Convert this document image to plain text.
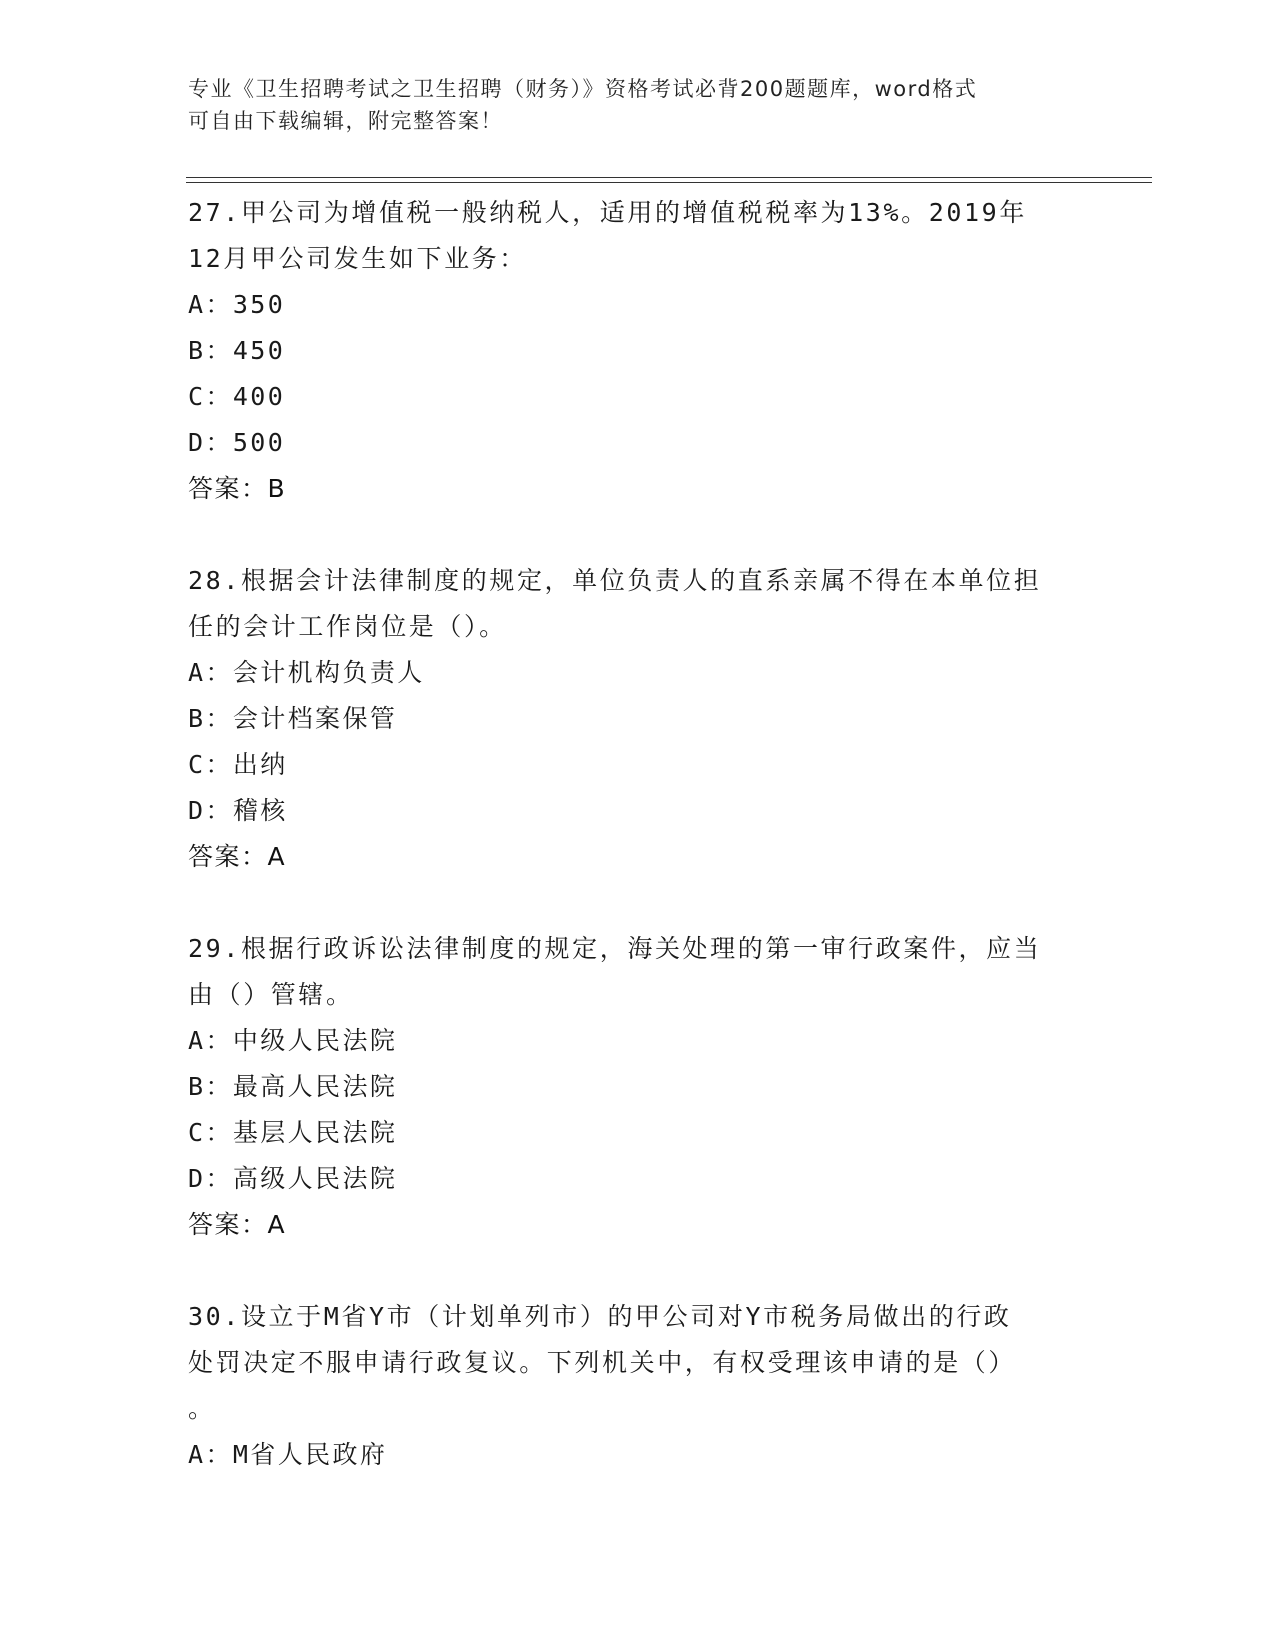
专业《卫生招聘考试之卫生招聘（财务）》资格考试必背200题题库，word格式
可自由下载编辑，附完整答案！
27.甲公司为增值税一般纳税人，适用的增值税税率为13%。2019年
12月甲公司发生如下业务：
A：350
B：450
C：400
D：500
答案：B
28.根据会计法律制度的规定，单位负责人的直系亲属不得在本单位担
任的会计工作岗位是（）。
A：会计机构负责人
B：会计档案保管
C：出纳
D：稽核
答案：A
29.根据行政诉讼法律制度的规定，海关处理的第一审行政案件，应当
由（）管辖。
A：中级人民法院
B：最高人民法院
C：基层人民法院
D：高级人民法院
答案：A
30.设立于M省Y市（计划单列市）的甲公司对Y市税务局做出的行政
处罚决定不服申请行政复议。下列机关中，有权受理该申请的是（）
。
A：M省人民政府
